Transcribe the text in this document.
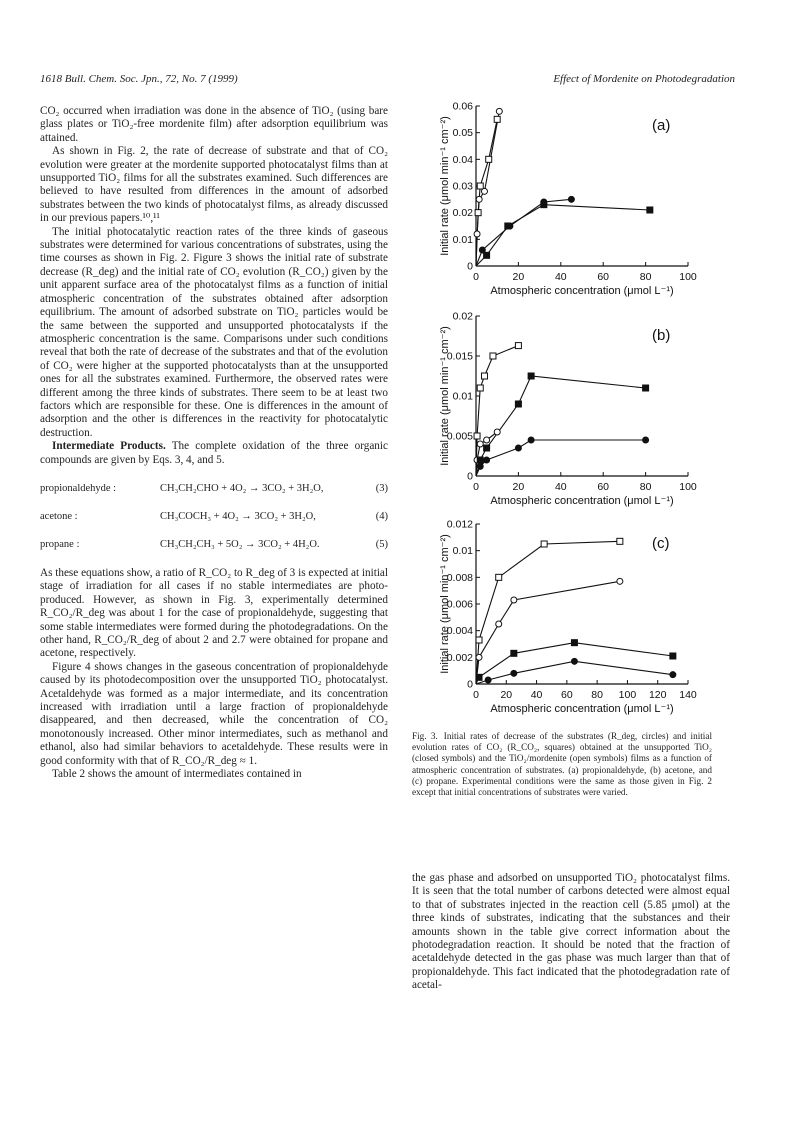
1618 Bull. Chem. Soc. Jpn., 72, No. 7 (1999)	Effect of Mordenite on Photodegradation

CO₂ occurred when irradiation was done in the absence of TiO₂ (using bare glass plates or TiO₂-free mordenite film) after adsorption equilibrium was attained.

As shown in Fig. 2, the rate of decrease of substrate and that of CO₂ evolution were greater at the mordenite supported photocatalyst films than at unsupported TiO₂ films for all the substrates examined. Such differences are believed to have resulted from differences in the amount of adsorbed substrates between the two kinds of photocatalyst films, as already discussed in our previous papers.¹⁰,¹¹

The initial photocatalytic reaction rates of the three kinds of gaseous substrates were determined for various concentrations of substrates, using the time courses as shown in Fig. 2. Figure 3 shows the initial rate of substrate decrease (R_deg) and the initial rate of CO₂ evolution (R_CO₂) given by the unit apparent surface area of the photocatalyst films as a function of initial atmospheric concentration of the substrates obtained after adsorption equilibrium. The amount of adsorbed substrate on TiO₂ particles would be the same between the supported and unsupported photocatalysts if the atmospheric concentration is the same. Comparisons under such conditions reveal that both the rate of decrease of the substrates and that of the evolution of CO₂ were higher at the supported photocatalysts than at the unsupported ones for all the substrates examined. Furthermore, the observed rates were different among the three kinds of substrates. There seem to be at least two factors which are responsible for these. One is differences in the amount of adsorption and the other is differences in the reactivity for photocatalytic destruction.

Intermediate Products. The complete oxidation of the three organic compounds are given by Eqs. 3, 4, and 5.

propionaldehyde :	CH₃CH₂CHO + 4O₂ → 3CO₂ + 3H₂O,	(3)
acetone :	CH₃COCH₃ + 4O₂ → 3CO₂ + 3H₂O,	(4)
propane :	CH₃CH₂CH₃ + 5O₂ → 3CO₂ + 4H₂O.	(5)

As these equations show, a ratio of R_CO₂ to R_deg of 3 is expected at initial stage of irradiation for all cases if no stable intermediates are photo-produced. However, as shown in Fig. 3, experimentally determined R_CO₂/R_deg was about 1 for the case of propionaldehyde, suggesting that some stable intermediates were formed during the photodegradations. On the other hand, R_CO₂/R_deg of about 2 and 2.7 were obtained for propane and acetone, respectively.

Figure 4 shows changes in the gaseous concentration of propionaldehyde caused by its photodecomposition over the unsupported TiO₂ photocatalyst. Acetaldehyde was formed as a major intermediate, and its concentration increased with irradiation until a large fraction of propionaldehyde disappeared, and then decreased, while the concentration of CO₂ monotonously increased. Other minor intermediates, such as methanol and ethanol, also had similar behaviors to acetaldehyde. These results were in good conformity with that of R_CO₂/R_deg ≈ 1.

Table 2 shows the amount of intermediates contained in

0
0.01
0.02
0.03
0.04
0.05
0.06
0	20	40	60	80	100
Atmospheric concentration (μmol L⁻¹)
Initial rate (μmol min⁻¹ cm⁻²)	(a)
0
0.005
0.01
0.015
0.02
0	20	40	60	80	100
Atmospheric concentration (μmol L⁻¹)
Initial rate (μmol min⁻¹ cm⁻²)	(b)
0
0.002
0.004
0.006
0.008
0.01
0.012
0 20 40 60 80 100 120 140
Atmospheric concentration (μmol L⁻¹)
Initial rate (μmol min⁻¹ cm⁻²)	(c)
Fig. 3. Initial rates of decrease of the substrates (R_deg, circles) and initial evolution rates of CO₂ (R_CO₂, squares) obtained at the unsupported TiO₂ (closed symbols) and the TiO₂/mordenite (open symbols) films as a function of atmospheric concentration of substrates. (a) propionaldehyde, (b) acetone, and (c) propane. Experimental conditions were the same as those given in Fig. 2 except that initial concentrations of substrates were varied.

the gas phase and adsorbed on unsupported TiO₂ photocatalyst films. It is seen that the total number of carbons detected were almost equal to that of substrates injected in the reaction cell (5.85 μmol) at the three kinds of substrates, indicating that the substances and their amounts shown in the table give correct information about the photodegradation reaction. It should be noted that the fraction of acetaldehyde detected in the gas phase was much larger than that of propionaldehyde. This fact indicated that the photodegradation rate of acetal-
